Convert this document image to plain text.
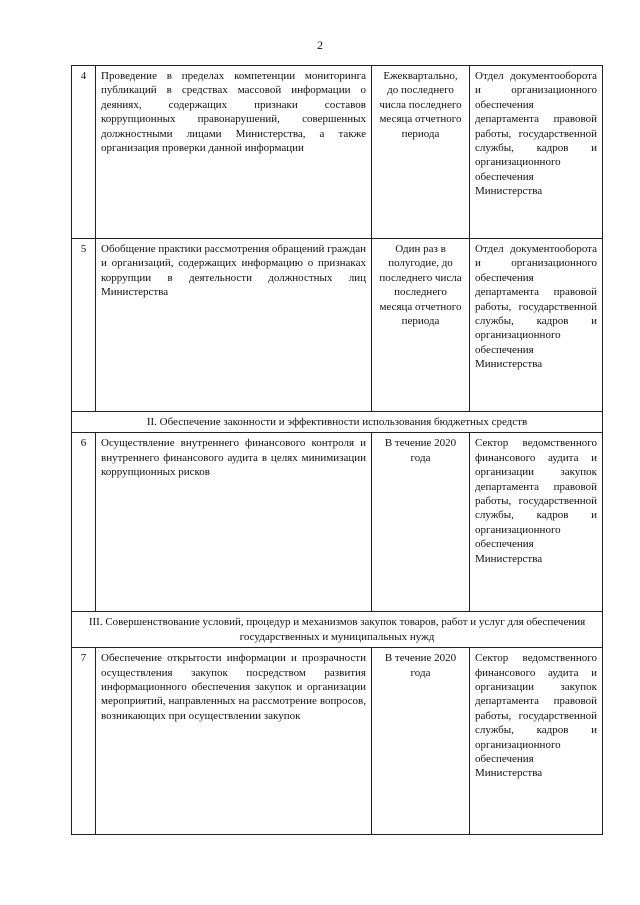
2
4	Проведение в пределах компетенции мониторинга публикаций в средствах массовой информации о деяниях, содержащих признаки составов коррупционных правонарушений, совершенных должностными лицами Министерства, а также организация проверки данной информации	Ежеквартально, до последнего числа последнего месяца отчетного периода	Отдел документооборота и организационного обеспечения департамента правовой работы, государственной службы, кадров и организационного обеспечения Министерства
5	Обобщение практики рассмотрения обращений граждан и организаций, содержащих информацию о признаках коррупции в деятельности должностных лиц Министерства	Один раз в полугодие, до последнего числа последнего месяца отчетного периода	Отдел документооборота и организационного обеспечения департамента правовой работы, государственной службы, кадров и организационного обеспечения Министерства
II. Обеспечение законности и эффективности использования бюджетных средств			
6	Осуществление внутреннего финансового контроля и внутреннего финансового аудита в целях минимизации коррупционных рисков	В течение 2020 года	Сектор ведомственного финансового аудита и организации закупок департамента правовой работы, государственной службы, кадров и организационного обеспечения Министерства
III. Совершенствование условий, процедур и механизмов закупок товаров, работ и услуг для обеспечения государственных и муниципальных нужд			
7	Обеспечение открытости информации и прозрачности осуществления закупок посредством развития информационного обеспечения закупок и организации мероприятий, направленных на рассмотрение вопросов, возникающих при осуществлении закупок	В течение 2020 года	Сектор ведомственного финансового аудита и организации закупок департамента правовой работы, государственной службы, кадров и организационного обеспечения Министерства
